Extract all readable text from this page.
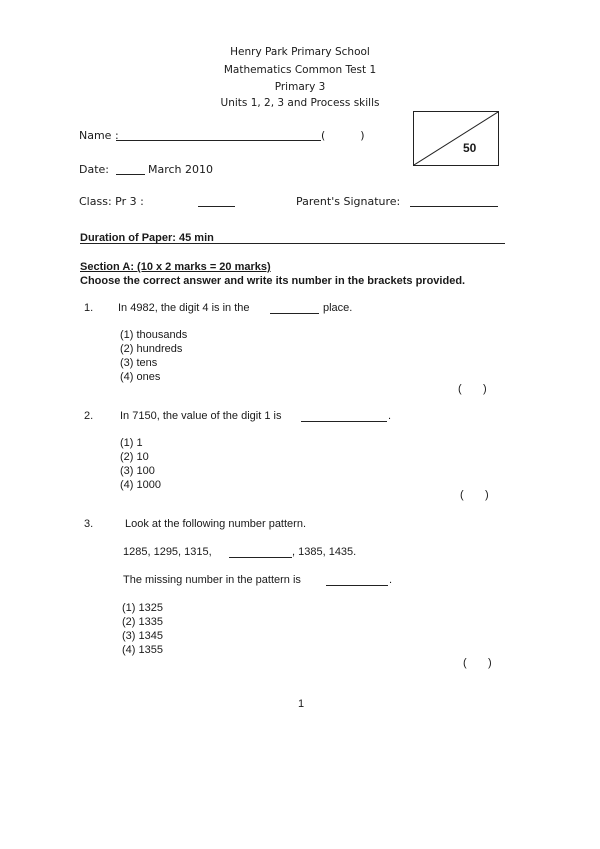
Henry Park Primary School
Mathematics Common Test 1
Primary 3
Units 1, 2, 3 and Process skills
Name :	(          )
50
Date:	March 2010
Class: Pr 3 :	Parent's Signature:
Duration of Paper: 45 min
Section A: (10 x 2 marks = 20 marks)
Choose the correct answer and write its number in the brackets provided.
1. In 4982, the digit 4 is in the	place.
(1) thousands
(2) hundreds
(3) tens
(4) ones
(       )
2. In 7150, the value of the digit 1 is	.
(1) 1
(2) 10
(3) 100
(4) 1000
(       )
3.	Look at the following number pattern.
1285, 1295, 1315,	, 1385, 1435.
The missing number in the pattern is	.
(1) 1325
(2) 1335
(3) 1345
(4) 1355
(       )
1
